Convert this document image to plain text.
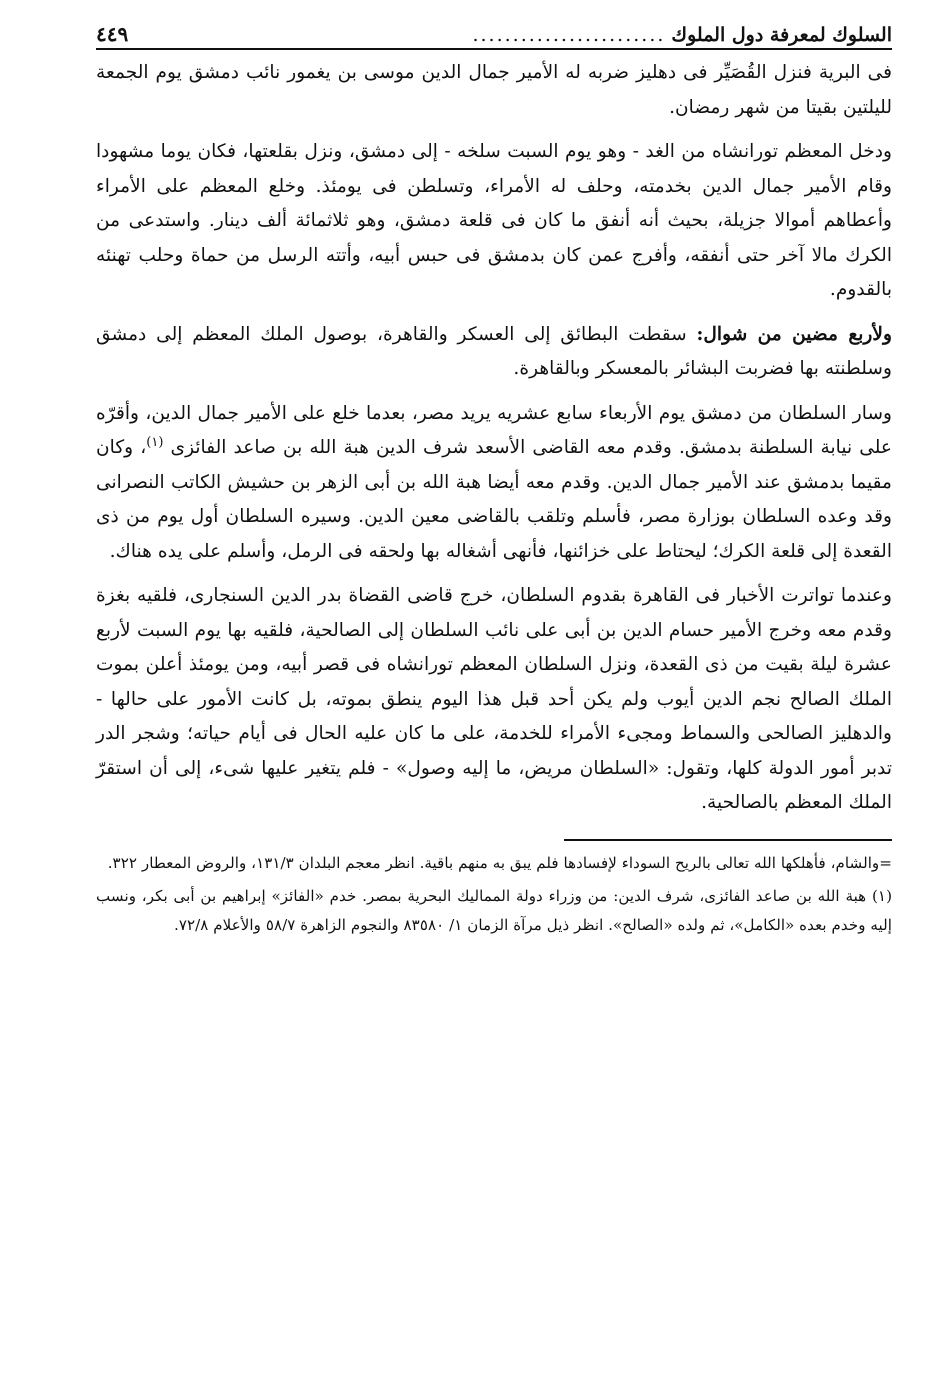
السلوك لمعرفة دول الملوك
........................
٤٤٩

فى البرية فنزل القُصَيِّر فى دهليز ضربه له الأمير جمال الدين موسى بن يغمور نائب دمشق يوم الجمعة لليلتين بقيتا من شهر رمضان.

ودخل المعظم تورانشاه من الغد - وهو يوم السبت سلخه - إلى دمشق، ونزل بقلعتها، فكان يوما مشهودا وقام الأمير جمال الدين بخدمته، وحلف له الأمراء، وتسلطن فى يومئذ. وخلع المعظم على الأمراء وأعطاهم أموالا جزيلة، بحيث أنه أنفق ما كان فى قلعة دمشق، وهو ثلاثمائة ألف دينار. واستدعى من الكرك مالا آخر حتى أنفقه، وأفرج عمن كان بدمشق فى حبس أبيه، وأتته الرسل من حماة وحلب تهنئه بالقدوم.

ولأربع مضين من شوال: سقطت البطائق إلى العسكر والقاهرة، بوصول الملك المعظم إلى دمشق وسلطنته بها فضربت البشائر بالمعسكر وبالقاهرة.

وسار السلطان من دمشق يوم الأربعاء سابع عشريه يريد مصر، بعدما خلع على الأمير جمال الدين، وأقرّه على نيابة السلطنة بدمشق. وقدم معه القاضى الأسعد شرف الدين هبة الله بن صاعد الفائزى $^{(١)}$، وكان مقيما بدمشق عند الأمير جمال الدين. وقدم معه أيضا هبة الله بن أبى الزهر بن حشيش الكاتب النصرانى وقد وعده السلطان بوزارة مصر، فأسلم وتلقب بالقاضى معين الدين. وسيره السلطان أول يوم من ذى القعدة إلى قلعة الكرك؛ ليحتاط على خزائنها، فأنهى أشغاله بها ولحقه فى الرمل، وأسلم على يده هناك.

وعندما تواترت الأخبار فى القاهرة بقدوم السلطان، خرج قاضى القضاة بدر الدين السنجارى، فلقيه بغزة وقدم معه وخرج الأمير حسام الدين بن أبى على نائب السلطان إلى الصالحية، فلقيه بها يوم السبت لأربع عشرة ليلة بقيت من ذى القعدة، ونزل السلطان المعظم تورانشاه فى قصر أبيه، ومن يومئذ أعلن بموت الملك الصالح نجم الدين أيوب ولم يكن أحد قبل هذا اليوم ينطق بموته، بل كانت الأمور على حالها - والدهليز الصالحى والسماط ومجىء الأمراء للخدمة، على ما كان عليه الحال فى أيام حياته؛ وشجر الدر تدبر أمور الدولة كلها، وتقول: «السلطان مريض، ما إليه وصول» - فلم يتغير عليها شىء، إلى أن استقرّ الملك المعظم بالصالحية.

=والشام، فأهلكها الله تعالى بالريح السوداء لإفسادها فلم يبق به منهم باقية. انظر معجم البلدان ١٣١/٣، والروض المعطار ٣٢٢.

(١) هبة الله بن صاعد الفائزى، شرف الدين: من وزراء دولة المماليك البحرية بمصر. خدم «الفائز» إبراهيم بن أبى بكر، ونسب إليه وخدم بعده «الكامل»، ثم ولده «الصالح». انظر ذيل مرآة الزمان ١/ ٨٣٥٨٠ والنجوم الزاهرة ٥٨/٧ والأعلام ٧٢/٨.
